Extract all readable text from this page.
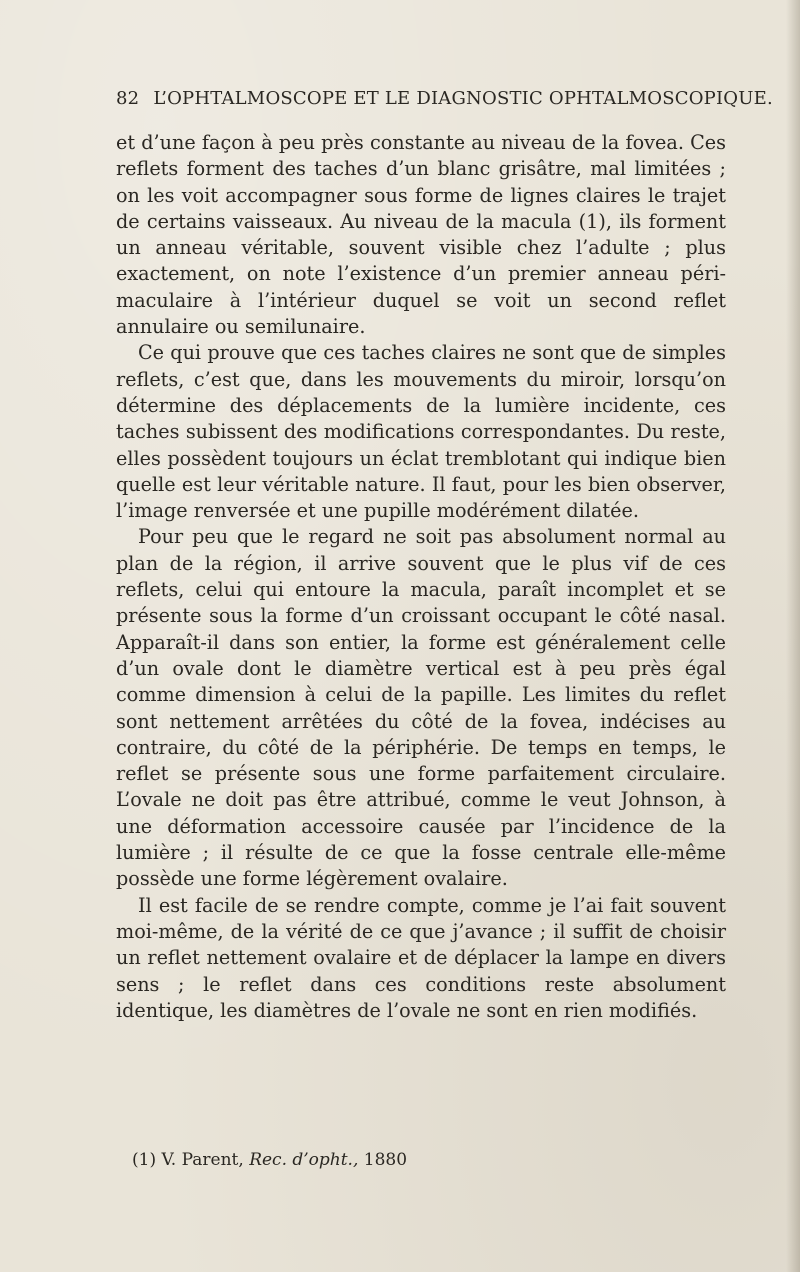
82 L’OPHTALMOSCOPE ET LE DIAGNOSTIC OPHTALMOSCOPIQUE.

et d’une façon à peu près constante au niveau de la fovea. Ces reflets forment des taches d’un blanc grisâtre, mal limitées ; on les voit accompagner sous forme de lignes claires le trajet de certains vaisseaux. Au niveau de la macula (1), ils forment un anneau véritable, souvent visible chez l’adulte ; plus exactement, on note l’existence d’un premier anneau péri-maculaire à l’intérieur duquel se voit un second reflet annulaire ou semilunaire.

Ce qui prouve que ces taches claires ne sont que de simples reflets, c’est que, dans les mouvements du miroir, lorsqu’on détermine des déplacements de la lumière incidente, ces taches subissent des modifications correspondantes. Du reste, elles possèdent toujours un éclat tremblotant qui indique bien quelle est leur véritable nature. Il faut, pour les bien observer, l’image renversée et une pupille modérément dilatée.

Pour peu que le regard ne soit pas absolument normal au plan de la région, il arrive souvent que le plus vif de ces reflets, celui qui entoure la macula, paraît incomplet et se présente sous la forme d’un croissant occupant le côté nasal. Apparaît-il dans son entier, la forme est généralement celle d’un ovale dont le diamètre vertical est à peu près égal comme dimension à celui de la papille. Les limites du reflet sont nettement arrêtées du côté de la fovea, indécises au contraire, du côté de la périphérie. De temps en temps, le reflet se présente sous une forme parfaitement circulaire. L’ovale ne doit pas être attribué, comme le veut Johnson, à une déformation accessoire causée par l’incidence de la lumière ; il résulte de ce que la fosse centrale elle-même possède une forme légèrement ovalaire.

Il est facile de se rendre compte, comme je l’ai fait souvent moi-même, de la vérité de ce que j’avance ; il suffit de choisir un reflet nettement ovalaire et de déplacer la lampe en divers sens ; le reflet dans ces conditions reste absolument identique, les diamètres de l’ovale ne sont en rien modifiés.

(1) V. Parent, Rec. d’opht., 1880
